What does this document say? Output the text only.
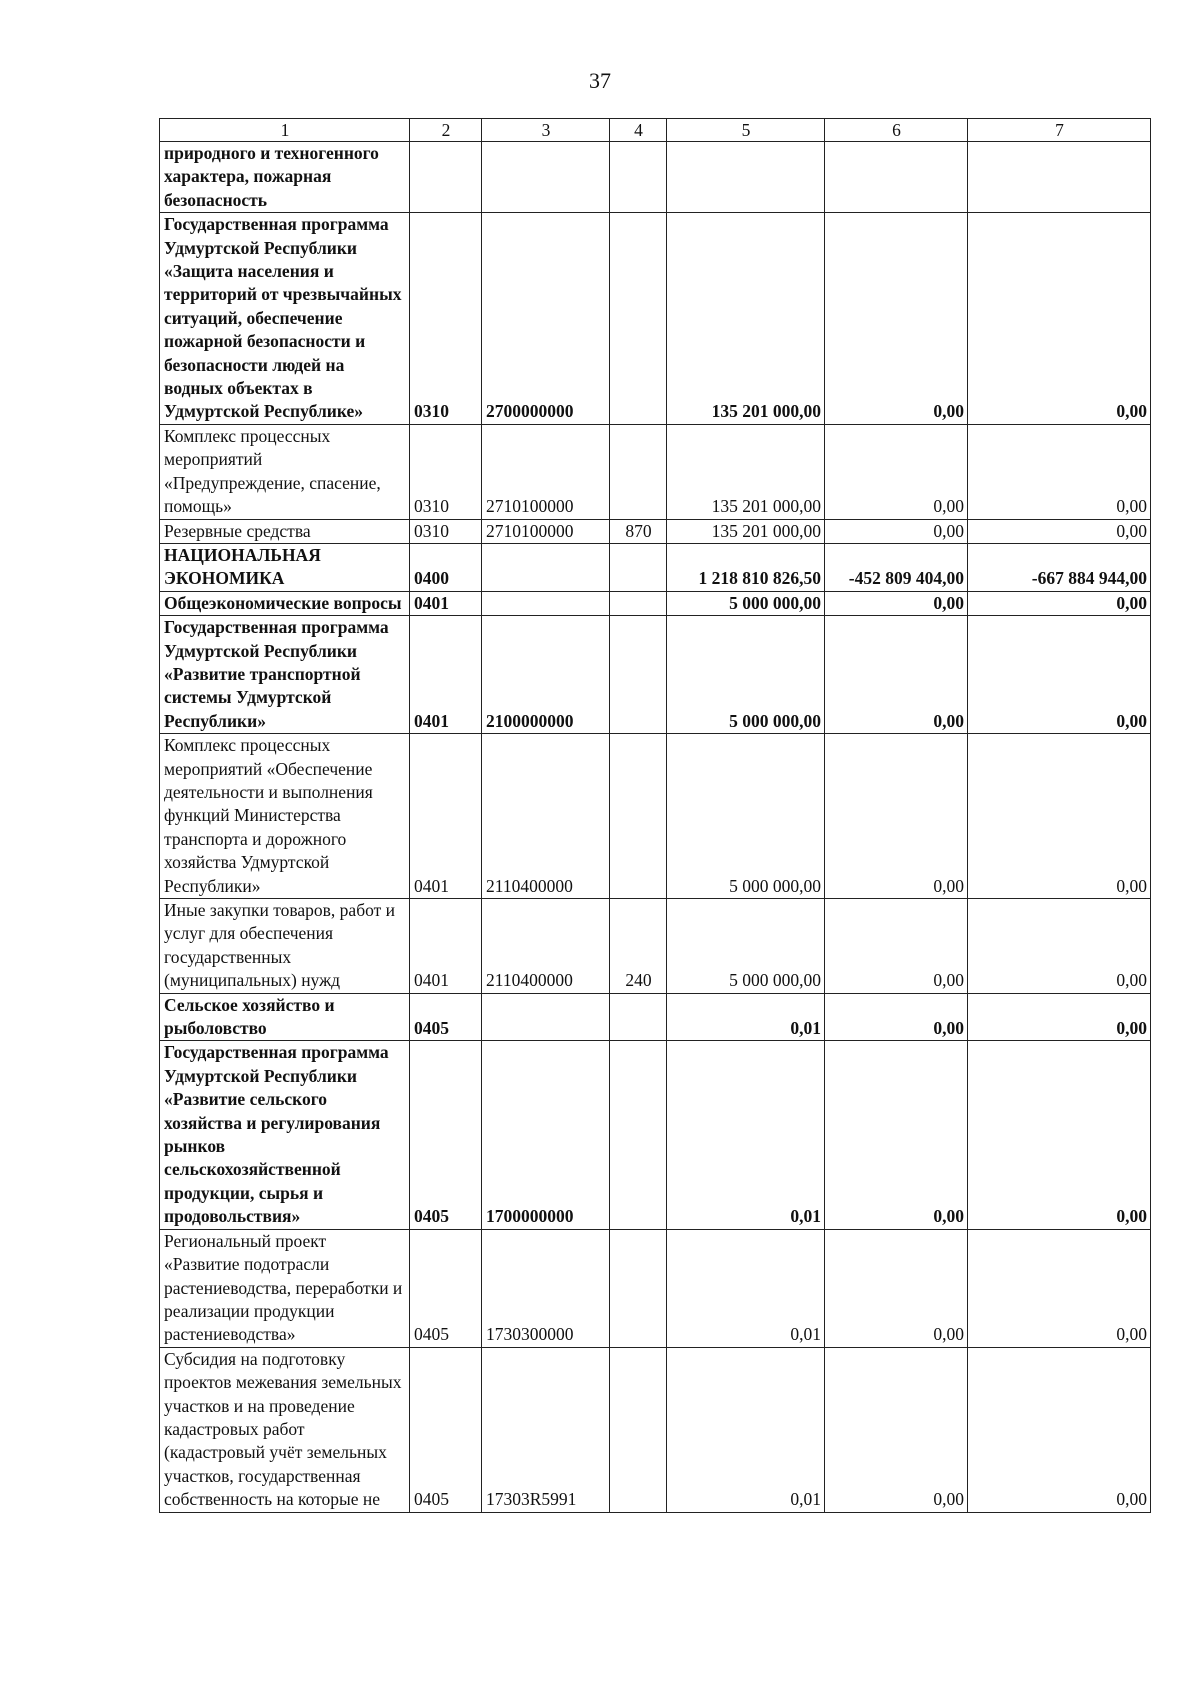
37
1	2	3	4	5	6	7
природного и техногенного характера, пожарная безопасность						
Государственная программа Удмуртской Республики «Защита населения и территорий от чрезвычайных ситуаций, обеспечение пожарной безопасности и безопасности людей на водных объектах в Удмуртской Республике»	0310	2700000000		135 201 000,00	0,00	0,00
Комплекс процессных мероприятий «Предупреждение, спасение, помощь»	0310	2710100000		135 201 000,00	0,00	0,00
Резервные средства	0310	2710100000	870	135 201 000,00	0,00	0,00
НАЦИОНАЛЬНАЯ ЭКОНОМИКА	0400			1 218 810 826,50	-452 809 404,00	-667 884 944,00
Общеэкономические вопросы	0401			5 000 000,00	0,00	0,00
Государственная программа Удмуртской Республики «Развитие транспортной системы Удмуртской Республики»	0401	2100000000		5 000 000,00	0,00	0,00
Комплекс процессных мероприятий «Обеспечение деятельности и выполнения функций Министерства транспорта и дорожного хозяйства Удмуртской Республики»	0401	2110400000		5 000 000,00	0,00	0,00
Иные закупки товаров, работ и услуг для обеспечения государственных (муниципальных) нужд	0401	2110400000	240	5 000 000,00	0,00	0,00
Сельское хозяйство и рыболовство	0405			0,01	0,00	0,00
Государственная программа Удмуртской Республики «Развитие сельского хозяйства и регулирования рынков сельскохозяйственной продукции, сырья и продовольствия»	0405	1700000000		0,01	0,00	0,00
Региональный проект «Развитие подотрасли растениеводства, переработки и реализации продукции растениеводства»	0405	1730300000		0,01	0,00	0,00
Субсидия на подготовку проектов межевания земельных участков и на проведение кадастровых работ (кадастровый учёт земельных участков, государственная собственность на которые не	0405	17303R5991		0,01	0,00	0,00
